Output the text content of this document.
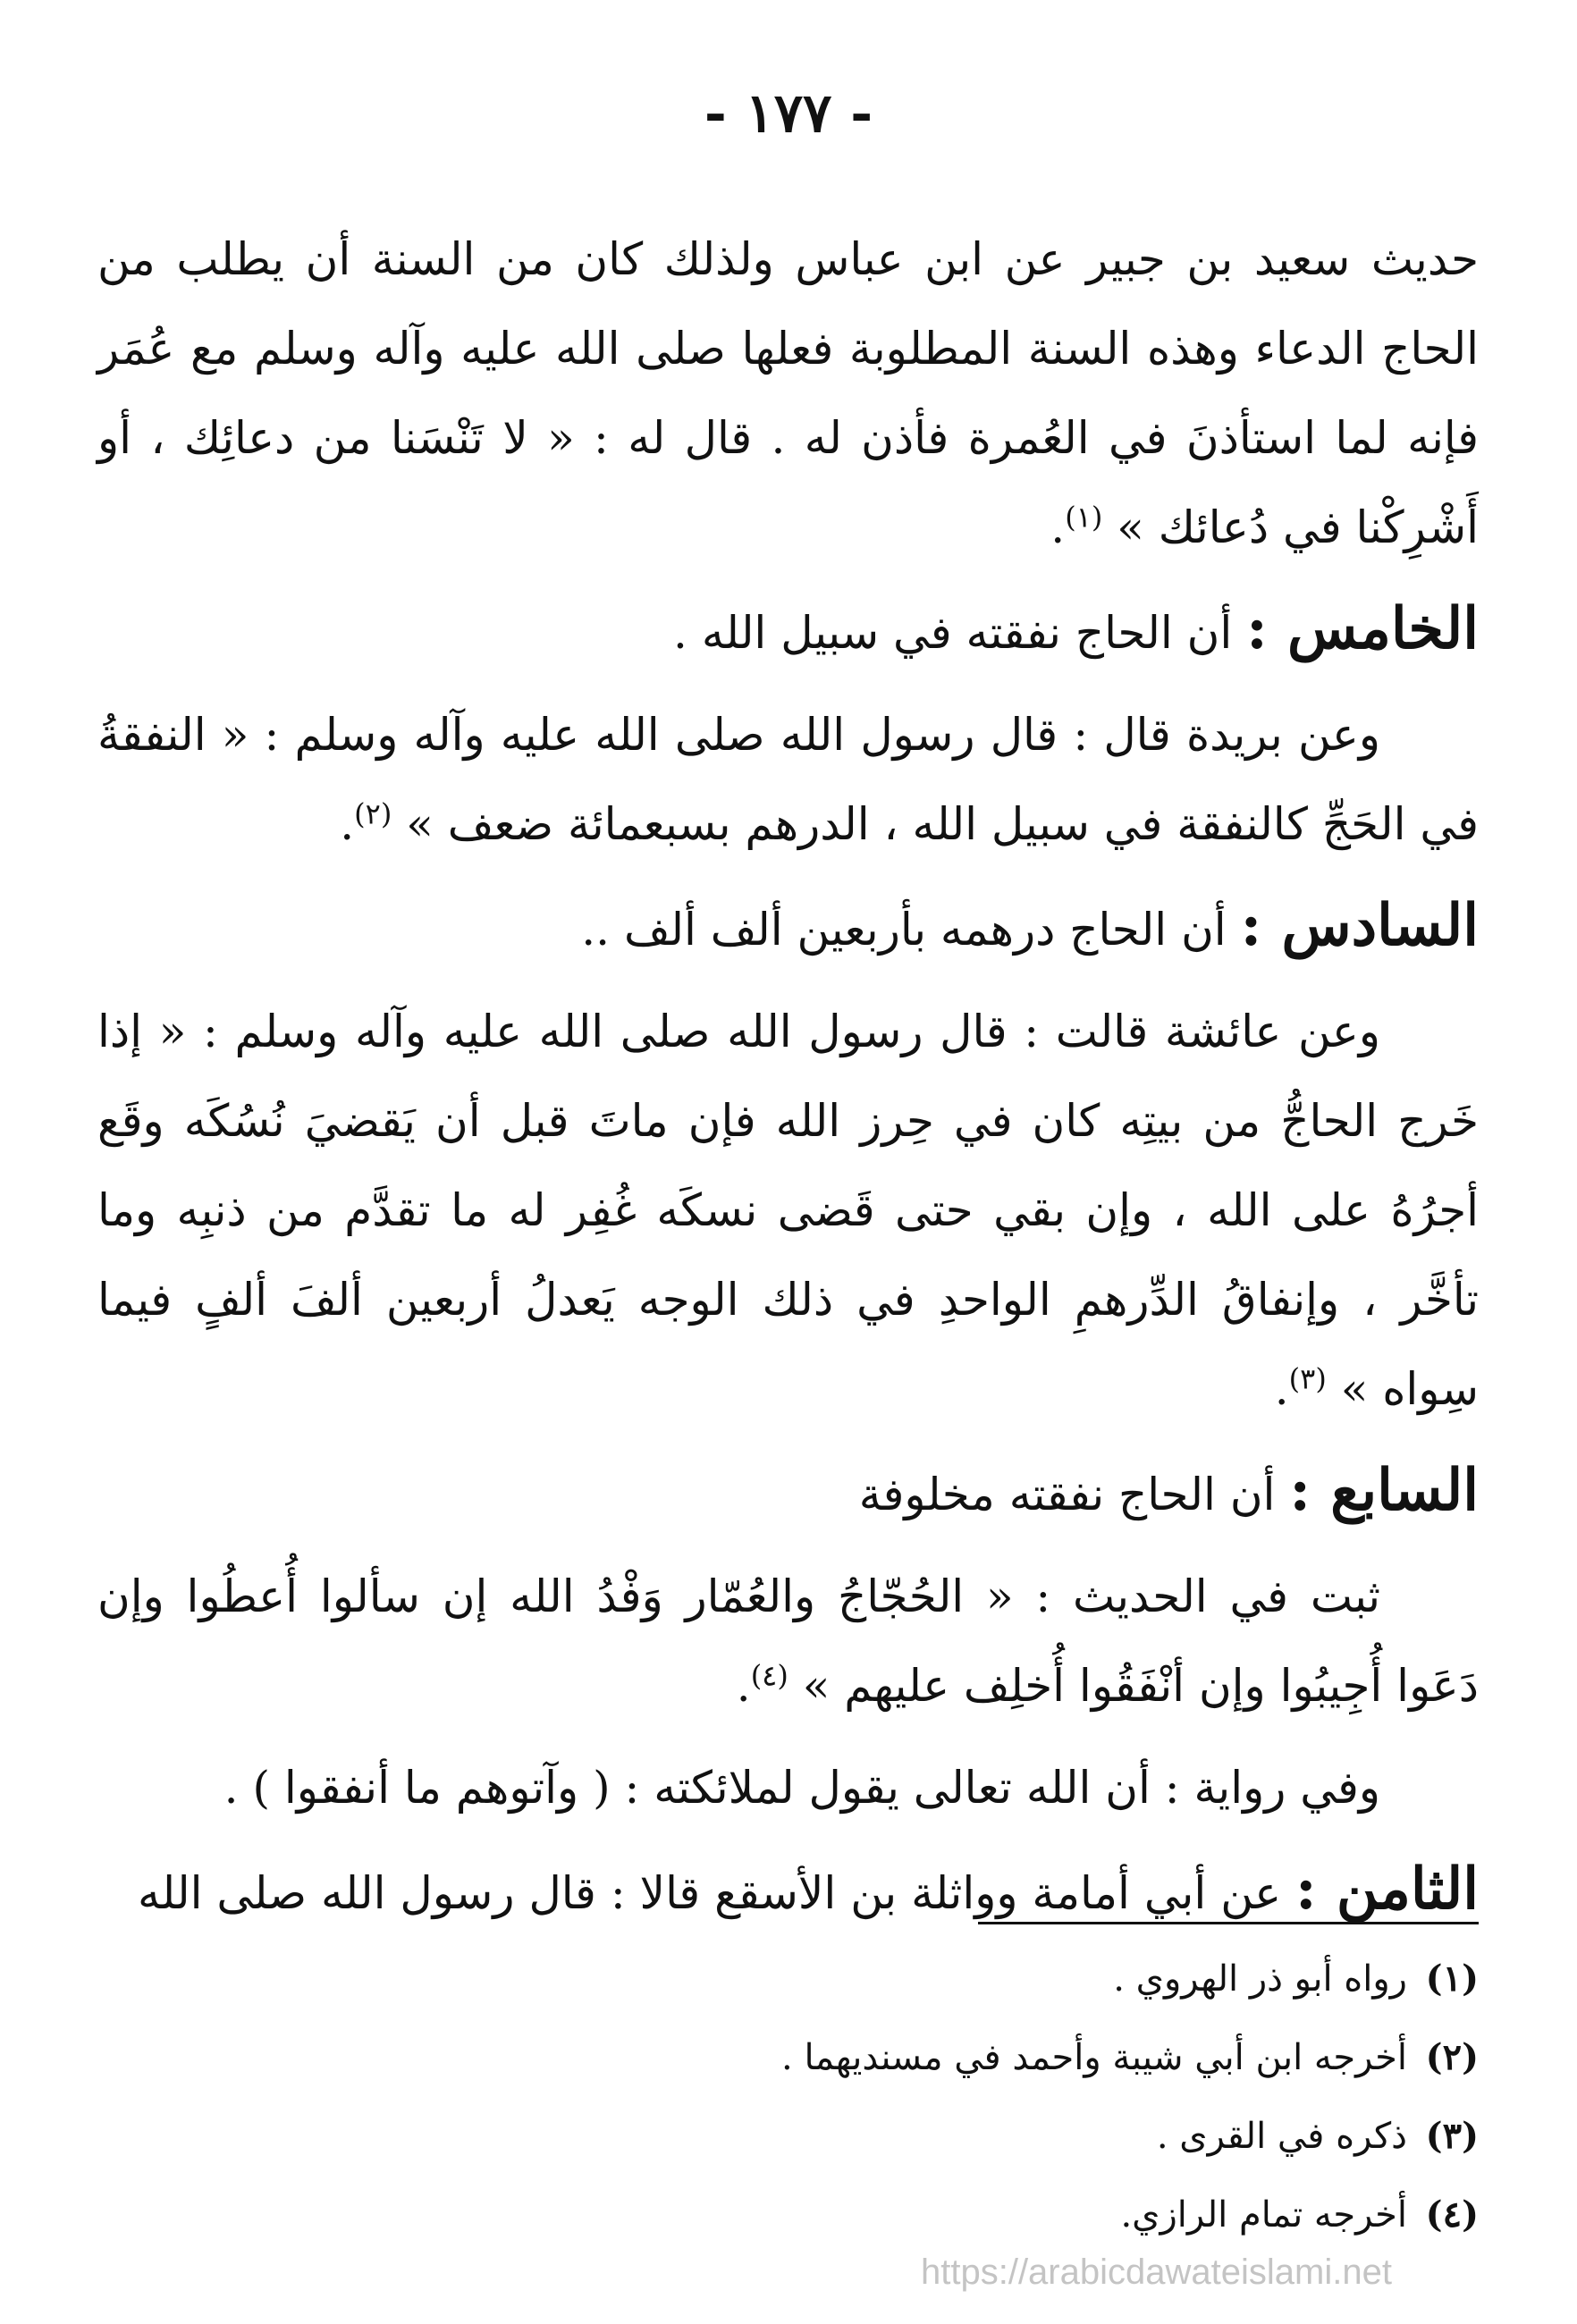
- ١٧٧ -

حديث سعيد بن جبير عن ابن عباس ولذلك كان من السنة أن يطلب من الحاج الدعاء وهذه السنة المطلوبة فعلها صلى الله عليه وآله وسلم مع عُمَر فإنه لما استأذنَ في العُمرة فأذن له . قال له : « لا تَنْسَنا من دعائِك ، أو أَشْرِكْنا في دُعائك » $^{(١)}$.

الخامس : أن الحاج نفقته في سبيل الله .

وعن بريدة قال : قال رسول الله صلى الله عليه وآله وسلم : « النفقةُ في الحَجِّ كالنفقة في سبيل الله ، الدرهم بسبعمائة ضعف » $^{(٢)}$.

السادس : أن الحاج درهمه بأربعين ألف ألف ..

وعن عائشة قالت : قال رسول الله صلى الله عليه وآله وسلم : « إذا خَرج الحاجُّ من بيتِه كان في حِرز الله فإن ماتَ قبل أن يَقضيَ نُسُكَه وقَع أجرُهُ على الله ، وإن بقي حتى قَضى نسكَه غُفِر له ما تقدَّم من ذنبِه وما تأخَّر ، وإنفاقُ الدِّرهمِ الواحدِ في ذلك الوجه يَعدلُ أربعين ألفَ ألفٍ فيما سِواه » $^{(٣)}$.

السابع : أن الحاج نفقته مخلوفة

ثبت في الحديث : « الحُجّاجُ والعُمّار وَفْدُ الله إن سألوا أُعطُوا وإن دَعَوا أُجِيبُوا وإن أنْفَقُوا أُخلِف عليهم » $^{(٤)}$.

وفي رواية : أن الله تعالى يقول لملائكته : ( وآتوهم ما أنفقوا ) .

الثامن : عن أبي أمامة وواثلة بن الأسقع قالا : قال رسول الله صلى الله

(١)رواه أبو ذر الهروي .
(٢)أخرجه ابن أبي شيبة وأحمد في مسنديهما .
(٣)ذكره في القرى .
(٤)أخرجه تمام الرازي.
https://arabicdawateislami.net
